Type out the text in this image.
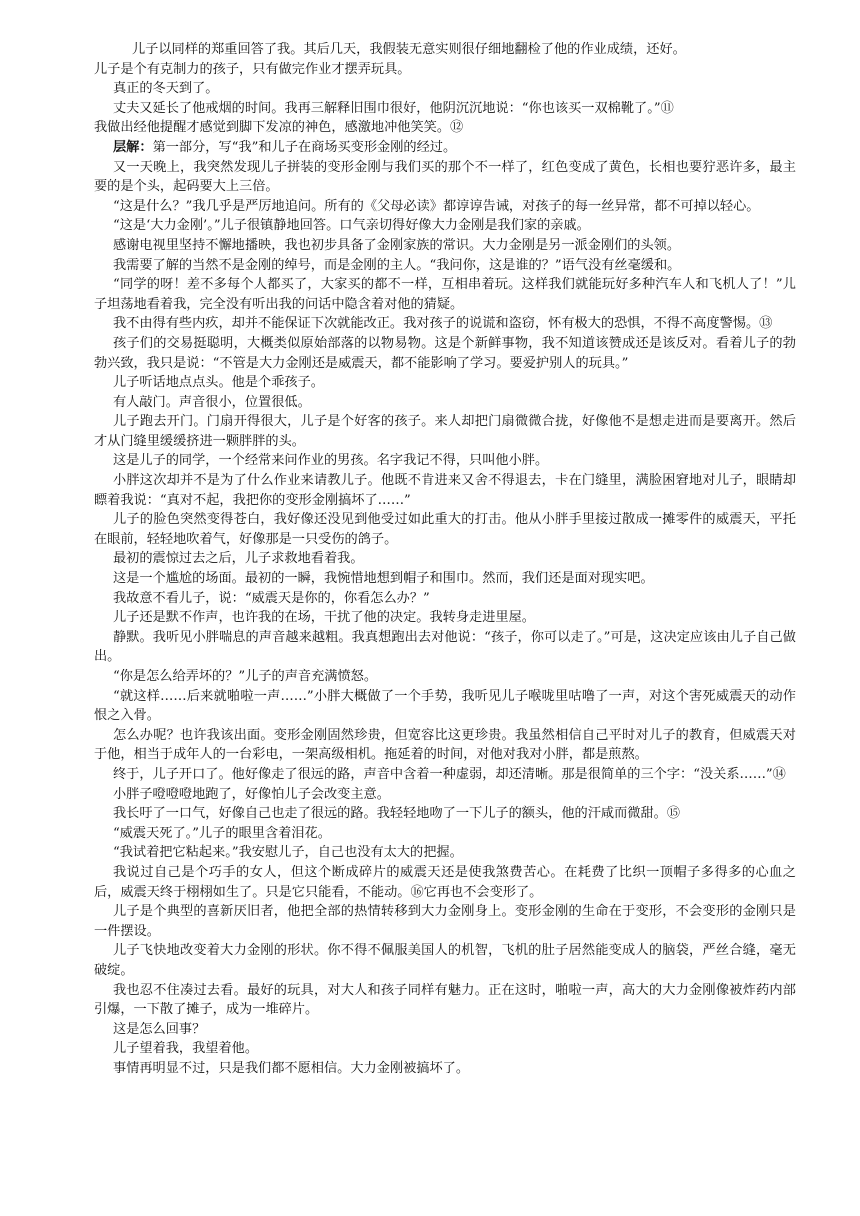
儿子以同样的郑重回答了我。其后几天，我假装无意实则很仔细地翻检了他的作业成绩，还好。
儿子是个有克制力的孩子，只有做完作业才摆弄玩具。

真正的冬天到了。

丈夫又延长了他戒烟的时间。我再三解释旧围巾很好，他阴沉沉地说：“你也该买一双棉靴了。”⑪
我做出经他提醒才感觉到脚下发凉的神色，感激地冲他笑笑。⑫

层解：第一部分，写“我”和儿子在商场买变形金刚的经过。

又一天晚上，我突然发现儿子拼装的变形金刚与我们买的那个不一样了，红色变成了黄色，长相也要狞恶许多，最主要的是个头，起码要大上三倍。

“这是什么？”我几乎是严厉地追问。所有的《父母必读》都谆谆告诫，对孩子的每一丝异常，都不可掉以轻心。

“这是‘大力金刚’。”儿子很镇静地回答。口气亲切得好像大力金刚是我们家的亲戚。

感谢电视里坚持不懈地播映，我也初步具备了金刚家族的常识。大力金刚是另一派金刚们的头领。

我需要了解的当然不是金刚的绰号，而是金刚的主人。“我问你，这是谁的？”语气没有丝毫缓和。

“同学的呀！差不多每个人都买了，大家买的都不一样，互相串着玩。这样我们就能玩好多种汽车人和飞机人了！”儿子坦荡地看着我，完全没有听出我的问话中隐含着对他的猜疑。

我不由得有些内疚，却并不能保证下次就能改正。我对孩子的说谎和盗窃，怀有极大的恐惧，不得不高度警惕。⑬

孩子们的交易挺聪明，大概类似原始部落的以物易物。这是个新鲜事物，我不知道该赞成还是该反对。看着儿子的勃勃兴致，我只是说：“不管是大力金刚还是威震天，都不能影响了学习。要爱护别人的玩具。”

儿子听话地点点头。他是个乖孩子。

有人敲门。声音很小，位置很低。

儿子跑去开门。门扇开得很大，儿子是个好客的孩子。来人却把门扇微微合拢，好像他不是想走进而是要离开。然后才从门缝里缓缓挤进一颗胖胖的头。

这是儿子的同学，一个经常来问作业的男孩。名字我记不得，只叫他小胖。

小胖这次却并不是为了什么作业来请教儿子。他既不肯进来又舍不得退去，卡在门缝里，满脸困窘地对儿子，眼睛却瞟着我说：“真对不起，我把你的变形金刚搞坏了……”

儿子的脸色突然变得苍白，我好像还没见到他受过如此重大的打击。他从小胖手里接过散成一摊零件的威震天，平托在眼前，轻轻地吹着气，好像那是一只受伤的鸽子。

最初的震惊过去之后，儿子求救地看着我。

这是一个尴尬的场面。最初的一瞬，我惋惜地想到帽子和围巾。然而，我们还是面对现实吧。

我故意不看儿子，说：“威震天是你的，你看怎么办？”

儿子还是默不作声，也许我的在场，干扰了他的决定。我转身走进里屋。

静默。我听见小胖喘息的声音越来越粗。我真想跑出去对他说：“孩子，你可以走了。”可是，这决定应该由儿子自己做出。

“你是怎么给弄坏的？”儿子的声音充满愤怒。

“就这样……后来就啪啦一声……”小胖大概做了一个手势，我听见儿子喉咙里咕噜了一声，对这个害死威震天的动作恨之入骨。

怎么办呢？也许我该出面。变形金刚固然珍贵，但宽容比这更珍贵。我虽然相信自己平时对儿子的教育，但威震天对于他，相当于成年人的一台彩电，一架高级相机。拖延着的时间，对他对我对小胖，都是煎熬。

终于，儿子开口了。他好像走了很远的路，声音中含着一种虚弱，却还清晰。那是很简单的三个字：“没关系……”⑭

小胖子噔噔噔地跑了，好像怕儿子会改变主意。

我长吁了一口气，好像自己也走了很远的路。我轻轻地吻了一下儿子的额头，他的汗咸而微甜。⑮

“威震天死了。”儿子的眼里含着泪花。

“我试着把它粘起来。”我安慰儿子，自己也没有太大的把握。

我说过自己是个巧手的女人，但这个断成碎片的威震天还是使我煞费苦心。在耗费了比织一顶帽子多得多的心血之后，威震天终于栩栩如生了。只是它只能看，不能动。⑯它再也不会变形了。

儿子是个典型的喜新厌旧者，他把全部的热情转移到大力金刚身上。变形金刚的生命在于变形，不会变形的金刚只是一件摆设。

儿子飞快地改变着大力金刚的形状。你不得不佩服美国人的机智，飞机的肚子居然能变成人的脑袋，严丝合缝，毫无破绽。

我也忍不住凑过去看。最好的玩具，对大人和孩子同样有魅力。正在这时，啪啦一声，高大的大力金刚像被炸药内部引爆，一下散了摊子，成为一堆碎片。

这是怎么回事？

儿子望着我，我望着他。

事情再明显不过，只是我们都不愿相信。大力金刚被搞坏了。
